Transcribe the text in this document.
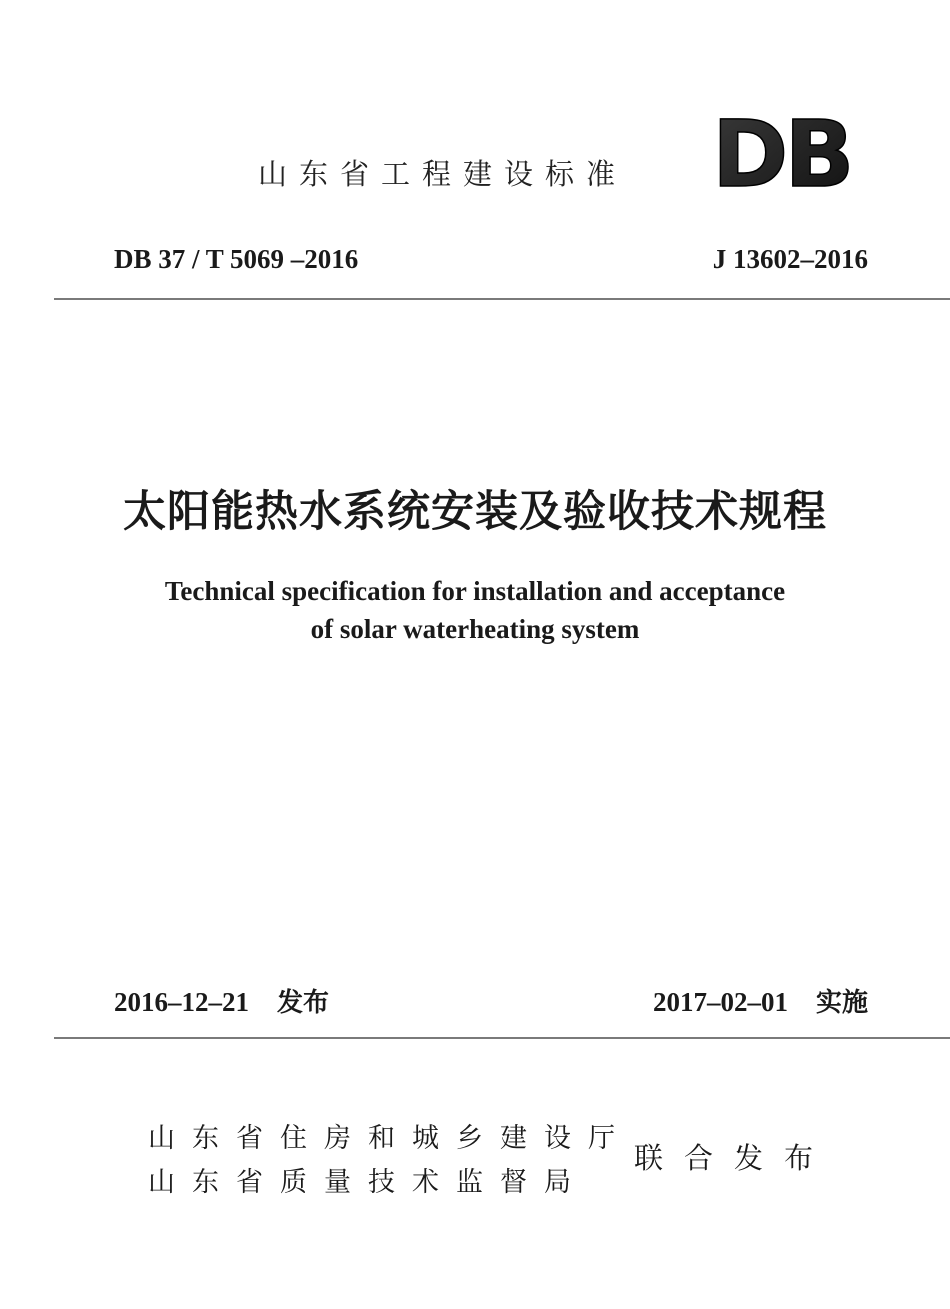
山东省工程建设标准 DB
DB 37 / T 5069 –2016	J 13602–2016
太阳能热水系统安装及验收技术规程
Technical specification for installation and acceptance
of solar waterheating system
2016–12–21 发布	2017–02–01 实施
山东省住房和城乡建设厅
山东省质量技术监督局
联合发布
